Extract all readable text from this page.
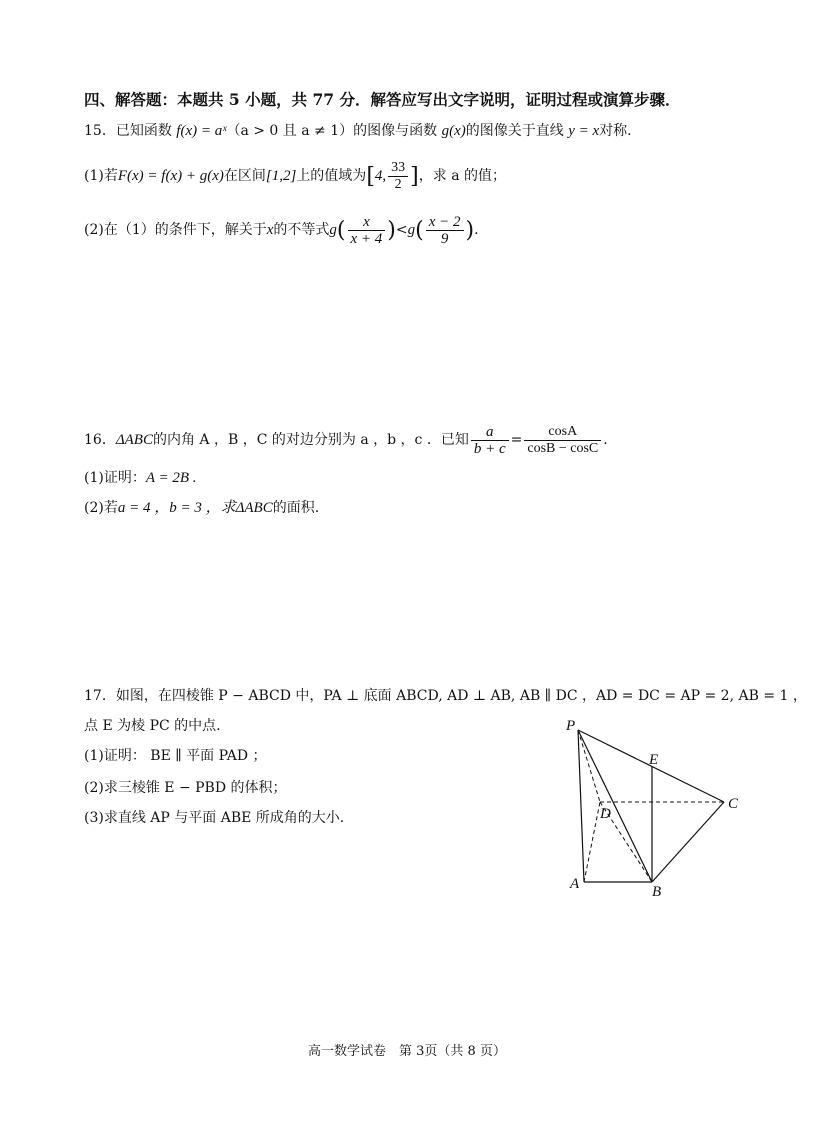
四、解答题：本题共 5 小题，共 77 分．解答应写出文字说明，证明过程或演算步骤．
15．已知函数 f(x) = aˣ（a > 0 且 a ≠ 1）的图像与函数 g(x)的图像关于直线 y = x对称.
(1)若F(x) = f(x) + g(x)在区间[1,2]上的值域为[4, $\frac{33}{2}$ ]，求 a 的值；
(2)在（1）的条件下，解关于x的不等式$g( \frac{x}{x + 4} )<g( \frac{x - 2}{9}$ ).
16．ΔABC的内角 A ，B ，C 的对边分别为 a ，b ，c ．已知 $\frac{a}{b + c} = \frac{\cos A}{\cos B - \cos C}$ .
(1)证明：A = 2B .
(2)若a = 4 ，b = 3 ，求ΔABC的面积.
17．如图，在四棱锥 P − ABCD 中，PA ⊥ 底面 ABCD, AD ⊥ AB, AB ∥ DC ，AD = DC = AP = 2, AB = 1 ，
点 E 为棱 PC 的中点.
(1)证明： BE ∥ 平面 PAD ；
(2)求三棱锥 E − PBD 的体积；
(3)求直线 AP 与平面 ABE 所成角的大小.
P
E
C
D
A	B
高一数学试卷　第 3页（共 8 页）
